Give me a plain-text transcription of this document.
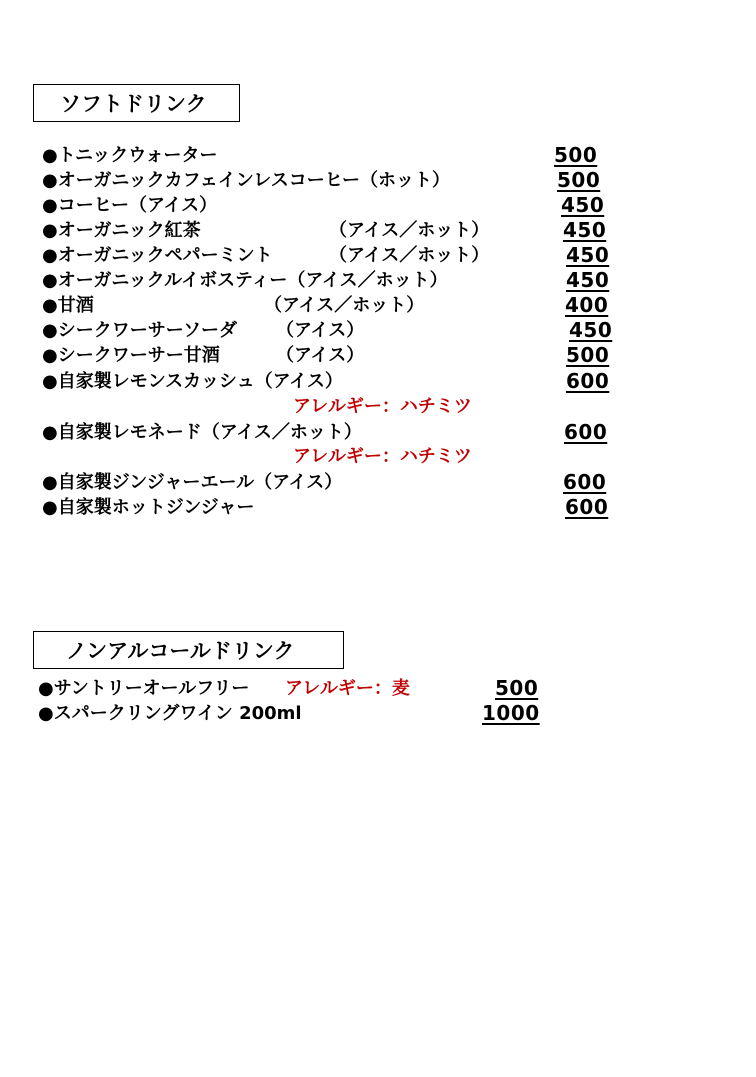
ソフトドリンク
●トニックウォーター	500
●オーガニックカフェインレスコーヒー（ホット）	500
●コーヒー（アイス）	450
●オーガニック紅茶	（アイス／ホット）	450
●オーガニックペパーミント	（アイス／ホット）	450
●オーガニックルイボスティー（アイス／ホット）	450
●甘酒	（アイス／ホット）	400
●シークワーサーソーダ （アイス）	450
●シークワーサー甘酒	（アイス）	500
●自家製レモンスカッシュ（アイス）	600
アレルギー：ハチミツ
●自家製レモネード（アイス／ホット）	600
アレルギー：ハチミツ
●自家製ジンジャーエール（アイス）	600
●自家製ホットジンジャー	600
ノンアルコールドリンク
●サントリーオールフリー アレルギー：麦	500
●スパークリングワイン 200ml	1000
